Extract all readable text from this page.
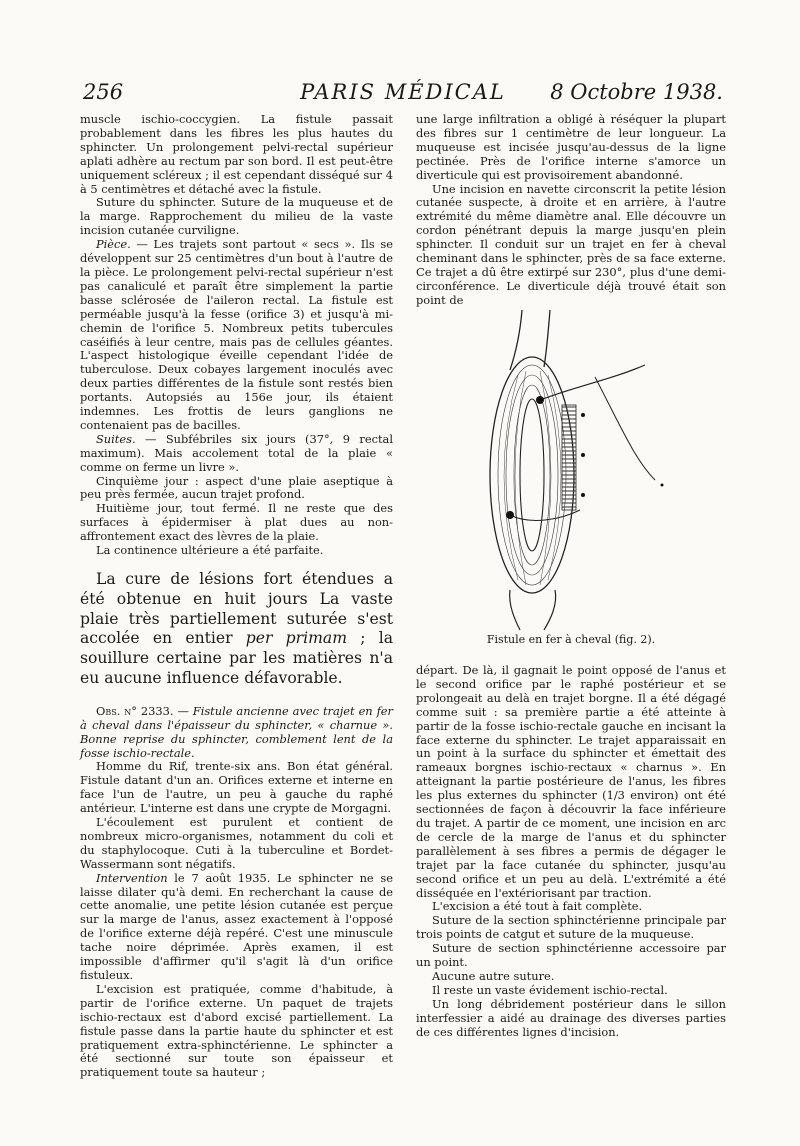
256	PARIS MÉDICAL	8 Octobre 1938.

muscle ischio-coccygien. La fistule passait probablement dans les fibres les plus hautes du sphincter. Un prolongement pelvi-rectal supérieur aplati adhère au rectum par son bord. Il est peut-être uniquement scléreux ; il est cependant disséqué sur 4 à 5 centimètres et détaché avec la fistule.

Suture du sphincter. Suture de la muqueuse et de la marge. Rapprochement du milieu de la vaste incision cutanée curviligne.

Pièce. — Les trajets sont partout « secs ». Ils se développent sur 25 centimètres d'un bout à l'autre de la pièce. Le prolongement pelvi-rectal supérieur n'est pas canaliculé et paraît être simplement la partie basse sclérosée de l'aileron rectal. La fistule est perméable jusqu'à la fesse (orifice 3) et jusqu'à mi-chemin de l'orifice 5. Nombreux petits tubercules caséifiés à leur centre, mais pas de cellules géantes. L'aspect histologique éveille cependant l'idée de tuberculose. Deux cobayes largement inoculés avec deux parties différentes de la fistule sont restés bien portants. Autopsiés au 156e jour, ils étaient indemnes. Les frottis de leurs ganglions ne contenaient pas de bacilles.

Suites. — Subfébriles six jours (37°, 9 rectal maximum). Mais accolement total de la plaie « comme on ferme un livre ».

Cinquième jour : aspect d'une plaie aseptique à peu près fermée, aucun trajet profond.

Huitième jour, tout fermé. Il ne reste que des surfaces à épidermiser à plat dues au non-affrontement exact des lèvres de la plaie.

La continence ultérieure a été parfaite.

La cure de lésions fort étendues a été obtenue en huit jours La vaste plaie très partiellement suturée s'est accolée en entier per primam ; la souillure certaine par les matières n'a eu aucune influence défavorable.

Obs. n° 2333. — Fistule ancienne avec trajet en fer à cheval dans l'épaisseur du sphincter, « charnue ». Bonne reprise du sphincter, comblement lent de la fosse ischio-rectale.

Homme du Rif, trente-six ans. Bon état général. Fistule datant d'un an. Orifices externe et interne en face l'un de l'autre, un peu à gauche du raphé antérieur. L'interne est dans une crypte de Morgagni.

L'écoulement est purulent et contient de nombreux micro-organismes, notamment du coli et du staphylocoque. Cuti à la tuberculine et Bordet-Wassermann sont négatifs.

Intervention le 7 août 1935. Le sphincter ne se laisse dilater qu'à demi. En recherchant la cause de cette anomalie, une petite lésion cutanée est perçue sur la marge de l'anus, assez exactement à l'opposé de l'orifice externe déjà repéré. C'est une minuscule tache noire déprimée. Après examen, il est impossible d'affirmer qu'il s'agit là d'un orifice fistuleux.

L'excision est pratiquée, comme d'habitude, à partir de l'orifice externe. Un paquet de trajets ischio-rectaux est d'abord excisé partiellement. La fistule passe dans la partie haute du sphincter et est pratiquement extra-sphinctérienne. Le sphincter a été sectionné sur toute son épaisseur et pratiquement toute sa hauteur ;

une large infiltration a obligé à réséquer la plupart des fibres sur 1 centimètre de leur longueur. La muqueuse est incisée jusqu'au-dessus de la ligne pectinée. Près de l'orifice interne s'amorce un diverticule qui est provisoirement abandonné.

Une incision en navette circonscrit la petite lésion cutanée suspecte, à droite et en arrière, à l'autre extrémité du même diamètre anal. Elle découvre un cordon pénétrant depuis la marge jusqu'en plein sphincter. Il conduit sur un trajet en fer à cheval cheminant dans le sphincter, près de sa face externe. Ce trajet a dû être extirpé sur 230°, plus d'une demi-circonférence. Le diverticule déjà trouvé était son point de

Fistule en fer à cheval (fig. 2).

départ. De là, il gagnait le point opposé de l'anus et le second orifice par le raphé postérieur et se prolongeait au delà en trajet borgne. Il a été dégagé comme suit : sa première partie a été atteinte à partir de la fosse ischio-rectale gauche en incisant la face externe du sphincter. Le trajet apparaissait en un point à la surface du sphincter et émettait des rameaux borgnes ischio-rectaux « charnus ». En atteignant la partie postérieure de l'anus, les fibres les plus externes du sphincter (1/3 environ) ont été sectionnées de façon à découvrir la face inférieure du trajet. A partir de ce moment, une incision en arc de cercle de la marge de l'anus et du sphincter parallèlement à ses fibres a permis de dégager le trajet par la face cutanée du sphincter, jusqu'au second orifice et un peu au delà. L'extrémité a été disséquée en l'extériorisant par traction.

L'excision a été tout à fait complète.

Suture de la section sphinctérienne principale par trois points de catgut et suture de la muqueuse.

Suture de section sphinctérienne accessoire par un point.

Aucune autre suture.

Il reste un vaste évidement ischio-rectal.

Un long débridement postérieur dans le sillon interfessier a aidé au drainage des diverses parties de ces différentes lignes d'incision.
